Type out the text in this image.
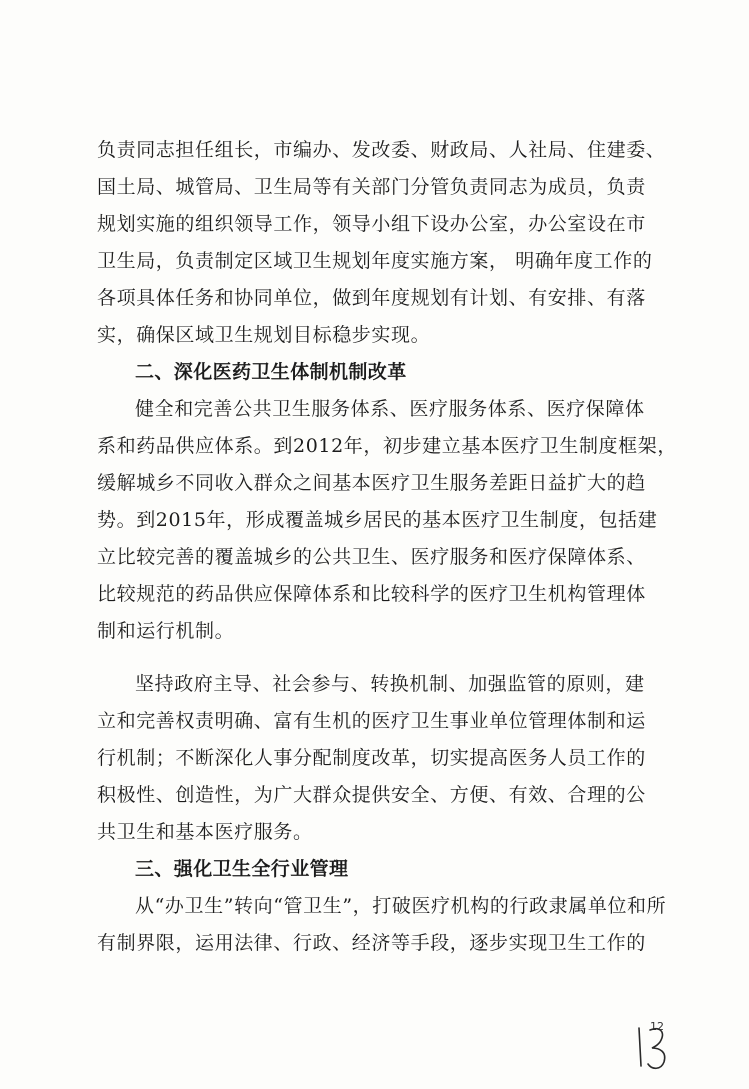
负责同志担任组长，市编办、发改委、财政局、人社局、住建委、
国土局、城管局、卫生局等有关部门分管负责同志为成员，负责
规划实施的组织领导工作，领导小组下设办公室，办公室设在市
卫生局，负责制定区域卫生规划年度实施方案， 明确年度工作的
各项具体任务和协同单位，做到年度规划有计划、有安排、有落
实，确保区域卫生规划目标稳步实现。
二、深化医药卫生体制机制改革
健全和完善公共卫生服务体系、医疗服务体系、医疗保障体
系和药品供应体系。到2012年，初步建立基本医疗卫生制度框架，
缓解城乡不同收入群众之间基本医疗卫生服务差距日益扩大的趋
势。到2015年，形成覆盖城乡居民的基本医疗卫生制度，包括建
立比较完善的覆盖城乡的公共卫生、医疗服务和医疗保障体系、
比较规范的药品供应保障体系和比较科学的医疗卫生机构管理体
制和运行机制。
坚持政府主导、社会参与、转换机制、加强监管的原则，建
立和完善权责明确、富有生机的医疗卫生事业单位管理体制和运
行机制；不断深化人事分配制度改革，切实提高医务人员工作的
积极性、创造性，为广大群众提供安全、方便、有效、合理的公
共卫生和基本医疗服务。
三、强化卫生全行业管理
从“办卫生”转向“管卫生”，打破医疗机构的行政隶属单位和所
有制界限，运用法律、行政、经济等手段，逐步实现卫生工作的
12
